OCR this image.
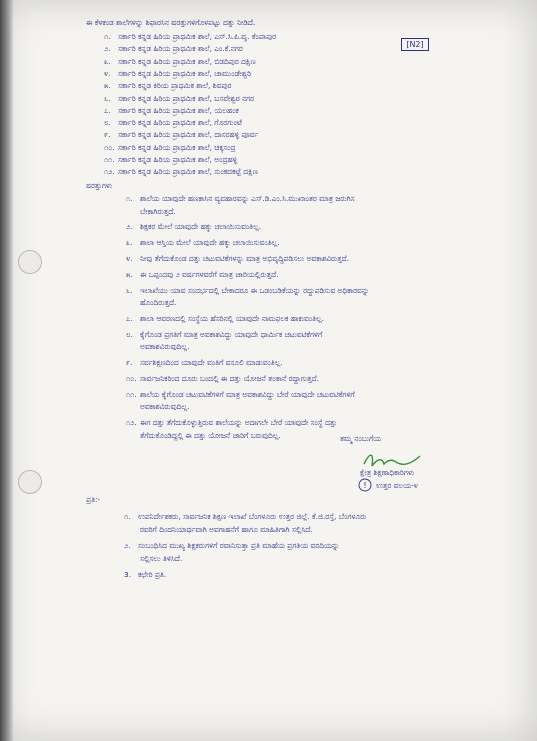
[N2]
ಈ ಕೆಳಕಂಡ ಶಾಲೆಗಳನ್ನು ಶಿಫಾರಸಿನ ಷರತ್ತುಗಳಿಗೊಳಪಟ್ಟು ದತ್ತು ನೀಡಿದೆ.
೧. ಸರ್ಕಾರಿ ಕನ್ನಡ ಹಿರಿಯ ಪ್ರಾಥಮಿಕ ಶಾಲೆ, ಎಸ್.ಸಿ.ಪಿ.ವೃ. ಕೆಂಪಾಪುರ
೨. ಸರ್ಕಾರಿ ಕನ್ನಡ ಹಿರಿಯ ಪ್ರಾಥಮಿಕ ಶಾಲೆ, ಎಂ.ಕೆ.ನಗರ
೩. ಸರ್ಕಾರಿ ಕನ್ನಡ ಹಿರಿಯ ಪ್ರಾಥಮಿಕ ಶಾಲೆ, ಬಿಡದಿಪುರ ದಕ್ಷಿಣ
೪. ಸರ್ಕಾರಿ ಕನ್ನಡ ಹಿರಿಯ ಪ್ರಾಥಮಿಕ ಶಾಲೆ, ಚಾಮುಂಡೇಶ್ವರಿ
೫. ಸರ್ಕಾರಿ ಕನ್ನಡ ಕಿರಿಯ ಪ್ರಾಥಮಿಕ ಶಾಲೆ, ಶಿವಪುರ
೬. ಸರ್ಕಾರಿ ಕನ್ನಡ ಹಿರಿಯ ಪ್ರಾಥಮಿಕ ಶಾಲೆ, ಬಸವೇಶ್ವರ ನಗರ
೭. ಸರ್ಕಾರಿ ಕನ್ನಡ ಹಿರಿಯ ಪ್ರಾಥಮಿಕ ಶಾಲೆ, ಯಲಹಂಕ
೮. ಸರ್ಕಾರಿ ಕನ್ನಡ ಹಿರಿಯ ಪ್ರಾಥಮಿಕ ಶಾಲೆ, ಗೊರಗುಂಟೆ
೯. ಸರ್ಕಾರಿ ಕನ್ನಡ ಹಿರಿಯ ಪ್ರಾಥಮಿಕ ಶಾಲೆ, ದಾಸರಹಳ್ಳಿ ಪೂರ್ವ
೧೦. ಸರ್ಕಾರಿ ಕನ್ನಡ ಹಿರಿಯ ಪ್ರಾಥಮಿಕ ಶಾಲೆ, ಚಿಕ್ಕಸಂದ್ರ
೧೧. ಸರ್ಕಾರಿ ಕನ್ನಡ ಹಿರಿಯ ಪ್ರಾಥಮಿಕ ಶಾಲೆ, ಅಂದ್ರಹಳ್ಳಿ
೧೨. ಸರ್ಕಾರಿ ಕನ್ನಡ ಹಿರಿಯ ಪ್ರಾಥಮಿಕ ಶಾಲೆ, ಸುಂಕದಕಟ್ಟೆ ದಕ್ಷಿಣ
ಷರತ್ತುಗಳು
೧. ಶಾಲೆಯ ಯಾವುದೇ ಹಣಕಾಸಿನ ವ್ಯವಹಾರವನ್ನು ಎಸ್.ಡಿ.ಎಂ.ಸಿ.ಮುಖಾಂತರ ಮಾತ್ರ ಜರುಗಿಸ
ಬೇಕಾಗಿರುತ್ತದೆ.
೨. ಶಿಕ್ಷಕರ ಮೇಲೆ ಯಾವುದೇ ಹಕ್ಕು ಚಲಾಯಿಸುವಂತಿಲ್ಲ.
೩. ಶಾಲಾ ಆಸ್ತಿಯ ಮೇಲೆ ಯಾವುದೇ ಹಕ್ಕು ಚಲಾಯಿಸುವಂತಿಲ್ಲ.
೪. ನೀವು ತೆಗೆದುಕೊಂಡ ದತ್ತು ಚಟುವಟಿಕೆಗಳನ್ನು ಮಾತ್ರ ಅಭಿವೃದ್ಧಿಪಡಿಸಲು ಅವಕಾಶವಿರುತ್ತದೆ.
೫. ಈ ಒಪ್ಪಂದವು ೨ ವರ್ಷಗಳವರೆಗೆ ಮಾತ್ರ ಜಾರಿಯಲ್ಲಿರುತ್ತದೆ.
೬. ಇಲಾಖೆಯು ಯಾವ ಸಂದರ್ಭದಲ್ಲಿ ಬೇಕಾದರೂ ಈ ಒಡಂಬಡಿಕೆಯನ್ನು ರದ್ದುಪಡಿಸುವ ಅಧಿಕಾರವನ್ನು
ಹೊಂದಿರುತ್ತದೆ.
೭. ಶಾಲಾ ಆವರಣದಲ್ಲಿ ಸಂಸ್ಥೆಯ ಹೆಸರಿನಲ್ಲಿ ಯಾವುದೇ ನಾಮಫಲಕ ಹಾಕುವಂತಿಲ್ಲ.
೮. ಕೈಗೊಂಡ ಪ್ರಗತಿಗೆ ಮಾತ್ರ ಅವಕಾಶವಿದ್ದು ಯಾವುದೇ ಧಾರ್ಮಿಕ ಚಟುವಟಿಕೆಗಳಿಗೆ
ಅವಕಾಶವಿರುವುದಿಲ್ಲ.
೯. ಸರ್ವಶಿಕ್ಷಣದಿಂದ ಯಾವುದೇ ವಂತಿಗೆ ವಸೂಲಿ ಮಾಡುವಂತಿಲ್ಲ.
೧೦. ಸಾರ್ವಜನಿಕರಿಂದ ದೂರು ಬಂದಲ್ಲಿ ಈ ದತ್ತು ಯೋಜನೆ ತಂತಾನೆ ರದ್ದಾಗುತ್ತದೆ.
೧೧. ಶಾಲೆಯ ಕೈಗೊಂಡ ಚಟುವಟಿಕೆಗಳಿಗೆ ಮಾತ್ರ ಅವಕಾಶವಿದ್ದು ಬೇರೆ ಯಾವುದೇ ಚಟುವಟಿಕೆಗಳಿಗೆ
ಅವಕಾಶವಿರುವುದಿಲ್ಲ.
೧೨. ಈಗ ದತ್ತು ತೆಗೆದುಕೊಳ್ಳುತ್ತಿರುವ ಶಾಲೆಯನ್ನು ಅದಾಗಲೇ ಬೇರೆ ಯಾವುದೇ ಸಂಸ್ಥೆ ದತ್ತು
ತೆಗೆದುಕೊಂಡಿದ್ದಲ್ಲಿ ಈ ದತ್ತು ಯೋಜನೆ ಜಾರಿಗೆ ಬರುವುದಿಲ್ಲ.	ತಮ್ಮ ನಂಬುಗೆಯ
ಕ್ಷೇತ್ರ ಶಿಕ್ಷಣಾಧಿಕಾರಿಗಳು
! ಉತ್ತರ ವಲಯ-೪
ಪ್ರತಿ:-
೧. ಉಪನಿರ್ದೇಶಕರು, ಸಾರ್ವಜನಿಕ ಶಿಕ್ಷಣ ಇಲಾಖೆ ಬೆಂಗಳೂರು ಉತ್ತರ ಜಿಲ್ಲೆ. ಕೆ.ಜಿ.ರಸ್ತೆ, ಬೆಂಗಳೂರು
ರವರಿಗೆ ದಿಂದನಿಯಾರ್ಥವಾಗಿ ಅವಗಾಹನೆಗೆ ಹಾಗೂ ಮಾಹಿತಿಗಾಗಿ ಸಲ್ಲಿಸಿದೆ.
೨. ಸಂಬಂಧಿಸಿದ ಮುಖ್ಯ ಶಿಕ್ಷಕರುಗಳಿಗೆ ರವಾನಿಸುತ್ತಾ ಪ್ರತಿ ಮಾಹೆಯ ಪ್ರಗತಿಯ ವರದಿಯನ್ನು
ಸಲ್ಲಿಸಲು ತಿಳಿಸಿದೆ.
3. ಕಛೇರಿ ಪ್ರತಿ.
